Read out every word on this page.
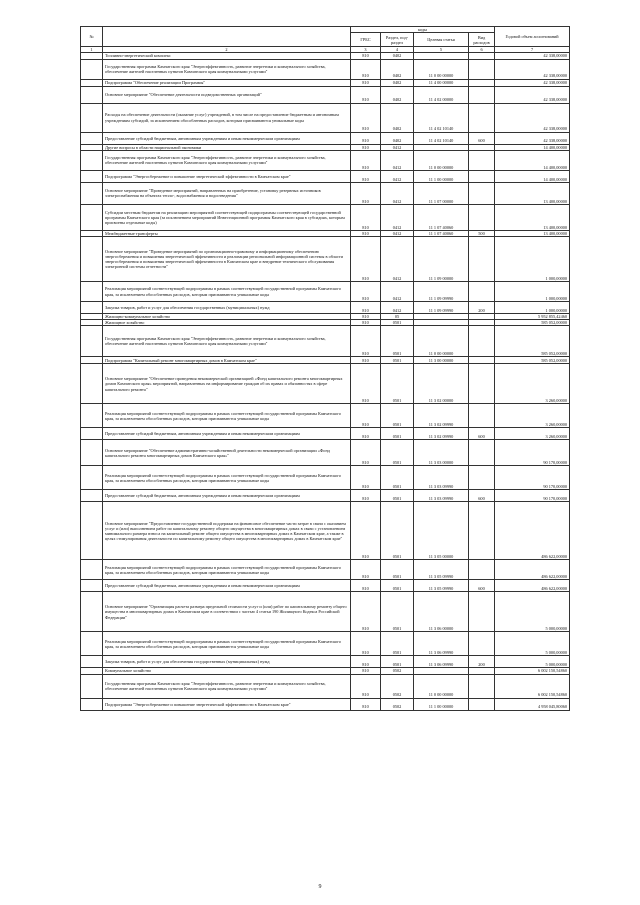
№		коды				Годовой объем ассигнований
		ГРБС	Раздел, под-раздел	Целевая статья	Вид расходов	
1	2	3	4	5	6	7
	Топливно-энергетический комплекс	810	0402			42 338,00000
	Государственная программа Камчатского края "Энергоэффективность, развитие энергетики и коммунального хозяйства, обеспечение жителей населенных пунктов Камчатского края коммунальными услугами"	810	0402	11 0 00 00000		42 338,00000
	Подпрограмма "Обеспечение реализации Программы"	810	0402	11 4 00 00000		42 338,00000
	Основное мероприятие "Обеспечение деятельности подведомственных организаций"	810	0402	11 4 02 00000		42 338,00000
	Расходы на обеспечение деятельности (оказание услуг) учреждений, в том числе на предоставление бюджетным и автономным учреждениям субсидий, за исключением обособленных расходов, которым присваиваются уникальные коды	810	0402	11 4 02 10140		42 338,00000
	Предоставление субсидий бюджетным, автономным учреждениям и иным некоммерческим организациям	810	0402	11 4 02 10140	600	42 338,00000
	Другие вопросы в области национальной экономики	810	0412			14 400,00000
	Государственная программа Камчатского края "Энергоэффективность, развитие энергетики и коммунального хозяйства, обеспечение жителей населенных пунктов Камчатского края коммунальными услугами"	810	0412	11 0 00 00000		14 400,00000
	Подпрограмма "Энергосбережение и повышение энергетической эффективности в Камчатском крае"	810	0412	11 1 00 00000		14 400,00000
	Основное мероприятие "Проведение мероприятий, направленных на приобретение, установку резервных источников электроснабжения на объектах тепло-, водоснабжения и водоотведения"	810	0412	11 1 07 00000		13 400,00000
	Субсидии местным бюджетам на реализацию мероприятий соответствующей подпрограммы соответствующей государственной программы Камчатского края (за исключением мероприятий Инвестиционной программы Камчатского края в субсидиях, которым присвоены отдельные коды)	810	0412	11 1 07 40060		13 400,00000
	Межбюджетные трансферты	810	0412	11 1 07 40060	500	13 400,00000
	Основное мероприятие "Проведение мероприятий по организационно-правовому и информационному обеспечению энергосбережения и повышения энергетической эффективности и реализации региональной информационной системы в области энергосбережения и повышения энергетической эффективности в Камчатском крае и внедрение технического обслуживания электронной системы отчетности"	810	0412	11 1 09 00000		1 000,00000
	Реализация мероприятий соответствующей подпрограммы в рамках соответствующей государственной программы Камчатского края, за исключением обособленных расходов, которым присваиваются уникальные коды	810	0412	11 1 09 09990		1 000,00000
	Закупка товаров, работ и услуг для обеспечения государственных (муниципальных) нужд	810	0412	11 1 09 09990	200	1 000,00000
	Жилищно-коммунальное хозяйство	810	05			5 952 855,42460
	Жилищное хозяйство	810	0501			585 052,00000
	Государственная программа Камчатского края "Энергоэффективность, развитие энергетики и коммунального хозяйства, обеспечение жителей населенных пунктов Камчатского края коммунальными услугами"	810	0501	11 0 00 00000		585 052,00000
	Подпрограмма "Капитальный ремонт многоквартирных домов в Камчатском крае"	810	0501	11 3 00 00000		585 052,00000
	Основное мероприятие "Обеспечение проведения некоммерческой организацией «Фонд капитального ремонта многоквартирных домов Камчатского края» мероприятий, направленных на информирование граждан об их правах и обязанностях в сфере капитального ремонта"	810	0501	11 3 02 00000		3 260,00000
	Реализация мероприятий соответствующей подпрограммы в рамках соответствующей государственной программы Камчатского края, за исключением обособленных расходов, которым присваиваются уникальные коды	810	0501	11 3 02 09990		3 260,00000
	Предоставление субсидий бюджетным, автономным учреждениям и иным некоммерческим организациям	810	0501	11 3 02 09990	600	3 260,00000
	Основное мероприятие "Обеспечение административно-хозяйственной деятельности некоммерческой организации «Фонд капитального ремонта многоквартирных домов Камчатского края»"	810	0501	11 3 03 00000		90 170,00000
	Реализация мероприятий соответствующей подпрограммы в рамках соответствующей государственной программы Камчатского края, за исключением обособленных расходов, которым присваиваются уникальные коды	810	0501	11 3 03 09990		90 170,00000
	Предоставление субсидий бюджетным, автономным учреждениям и иным некоммерческим организациям	810	0501	11 3 03 09990	600	90 170,00000
	Основное мероприятие "Предоставление государственной поддержки на финансовое обеспечение части затрат в связи с оказанием услуг и (или) выполнением работ по капитальному ремонту общего имущества в многоквартирных домах в связи с установлением минимального размера взноса на капитальный ремонт общего имущества в многоквартирных домах в Камчатском крае, а также в целях стимулирования деятельности по капитальному ремонту общего имущества в многоквартирных домах в Камчатском крае"	810	0501	11 3 05 00000		486 622,00000
	Реализация мероприятий соответствующей подпрограммы в рамках соответствующей государственной программы Камчатского края, за исключением обособленных расходов, которым присваиваются уникальные коды	810	0501	11 3 05 09990		486 622,00000
	Предоставление субсидий бюджетным, автономным учреждениям и иным некоммерческим организациям	810	0501	11 3 05 09990	600	486 622,00000
	Основное мероприятие "Организация расчета размера предельной стоимости услуг и (или) работ по капитальному ремонту общего имущества в многоквартирных домах в Камчатском крае в соответствии с частью 4 статьи 190 Жилищного Кодекса Российской Федерации"	810	0501	11 3 06 00000		5 000,00000
	Реализация мероприятий соответствующей подпрограммы в рамках соответствующей государственной программы Камчатского края, за исключением обособленных расходов, которым присваиваются уникальные коды	810	0501	11 3 06 09990		5 000,00000
	Закупка товаров, работ и услуг для обеспечения государственных (муниципальных) нужд	810	0501	11 3 06 09990	200	5 000,00000
	Коммунальное хозяйство	810	0502			6 002 150,54860
	Государственная программа Камчатского края "Энергоэффективность, развитие энергетики и коммунального хозяйства, обеспечение жителей населенных пунктов Камчатского края коммунальными услугами"	810	0502	11 0 00 00000		6 002 150,54860
	Подпрограмма "Энергосбережение и повышение энергетической эффективности в Камчатском крае"	810	0502	11 1 00 00000		4 958 045,80060
9
